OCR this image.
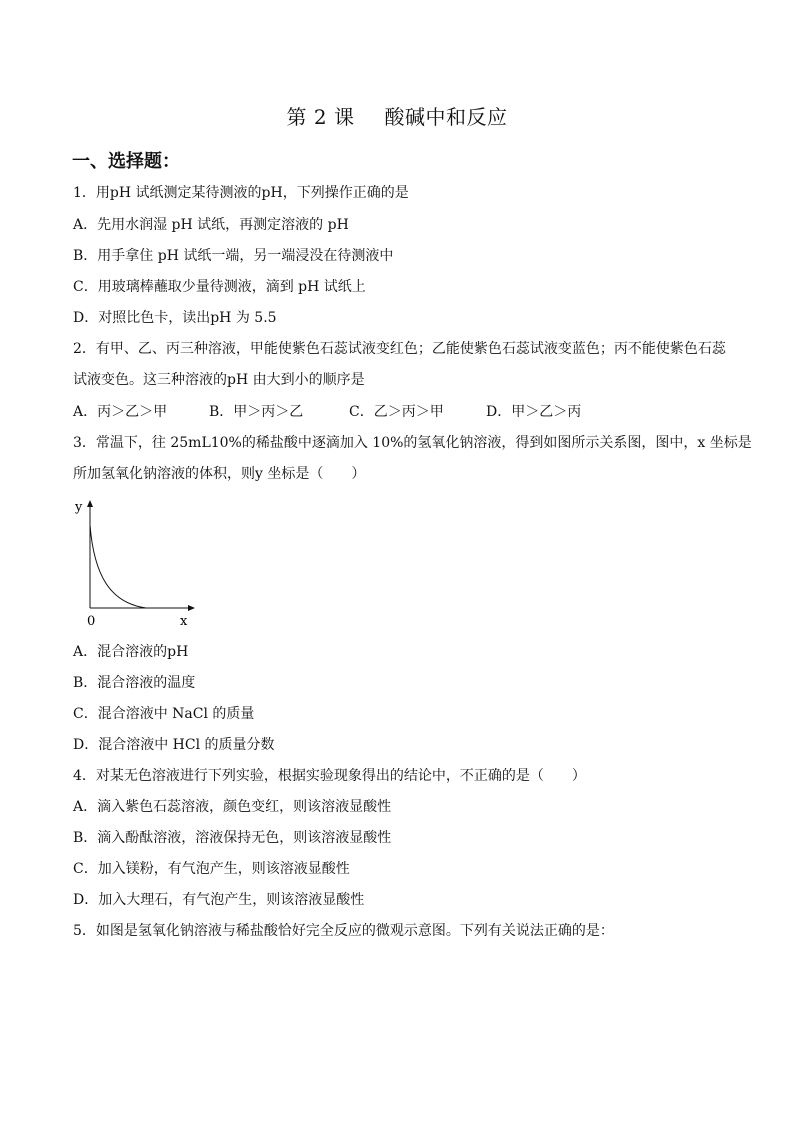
第 2 课 酸碱中和反应
一、选择题：
1．用pH 试纸测定某待测液的pH，下列操作正确的是
A．先用水润湿 pH 试纸，再测定溶液的 pH
B．用手拿住 pH 试纸一端，另一端浸没在待测液中
C．用玻璃棒蘸取少量待测液，滴到 pH 试纸上
D．对照比色卡，读出pH 为 5.5
2．有甲、乙、丙三种溶液，甲能使紫色石蕊试液变红色；乙能使紫色石蕊试液变蓝色；丙不能使紫色石蕊
试液变色。这三种溶液的pH 由大到小的顺序是
A．丙＞乙＞甲	B．甲＞丙＞乙	C．乙＞丙＞甲	D．甲＞乙＞丙
3．常温下，往 25mL10%的稀盐酸中逐滴加入 10%的氢氧化钠溶液，得到如图所示关系图，图中，x 坐标是
所加氢氧化钠溶液的体积，则y 坐标是（　　）
y
x
0
A．混合溶液的pH
B．混合溶液的温度
C．混合溶液中 NaCl 的质量
D．混合溶液中 HCl 的质量分数
4．对某无色溶液进行下列实验，根据实验现象得出的结论中，不正确的是（　　）
A．滴入紫色石蕊溶液，颜色变红，则该溶液显酸性
B．滴入酚酞溶液，溶液保持无色，则该溶液显酸性
C．加入镁粉，有气泡产生，则该溶液显酸性
D．加入大理石，有气泡产生，则该溶液显酸性
5．如图是氢氧化钠溶液与稀盐酸恰好完全反应的微观示意图。下列有关说法正确的是：
